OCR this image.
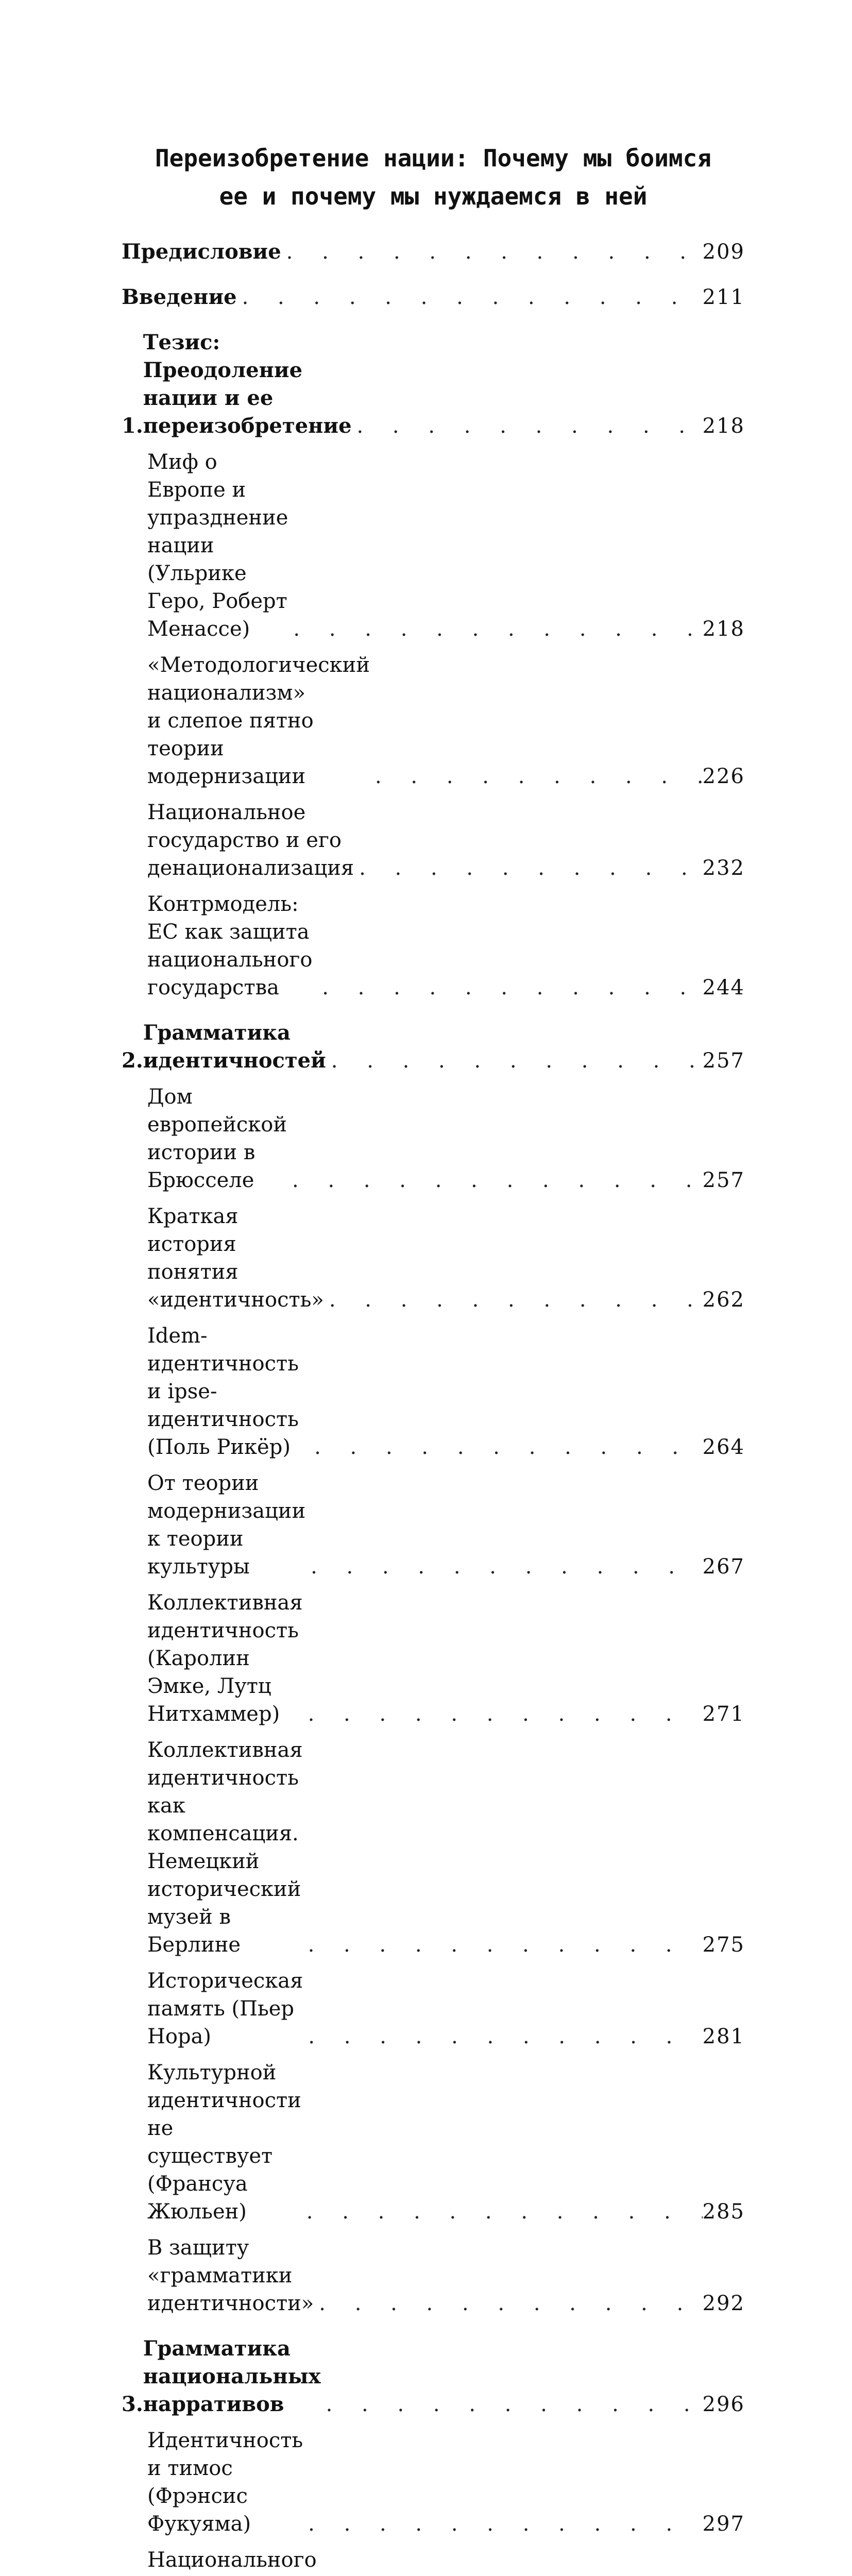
Переизобретение нации: Почему мы боимся
ее и почему мы нуждаемся в ней
Предисловие . . .	209
Введение . . .	211
1.
Тезис: Преодоление нации и ее переизобретение . . .	218
Миф о Европе и упразднение нации
(Ульрике Геро, Роберт Менассе) . . .	218
«Методологический национализм»
и слепое пятно теории модернизации . . .	226
Национальное государство и его денационализация . . .	232
Контрмодель: ЕС как защита национального государства . . .	244
2.
Грамматика идентичностей . . .	257
Дом европейской истории в Брюсселе . . .	257
Краткая история понятия «идентичность» . . .	262
Idem-идентичность и ipse-идентичность (Поль Рикёр) . . .	264
От теории модернизации к теории культуры . . .	267
Коллективная идентичность
(Каролин Эмке, Лутц Нитхаммер) . . .	271
Коллективная идентичность как компенсация.
Немецкий исторический музей в Берлине . . .	275
Историческая память (Пьер Нора) . . .	281
Культурной идентичности не существует
(Франсуа Жюльен) . . .	285
В защиту «грамматики идентичности» . . .	292
3.
Грамматика национальных нарративов . . .	296
Идентичность и тимос (Фрэнсис Фукуяма) . . .	297
Национального
